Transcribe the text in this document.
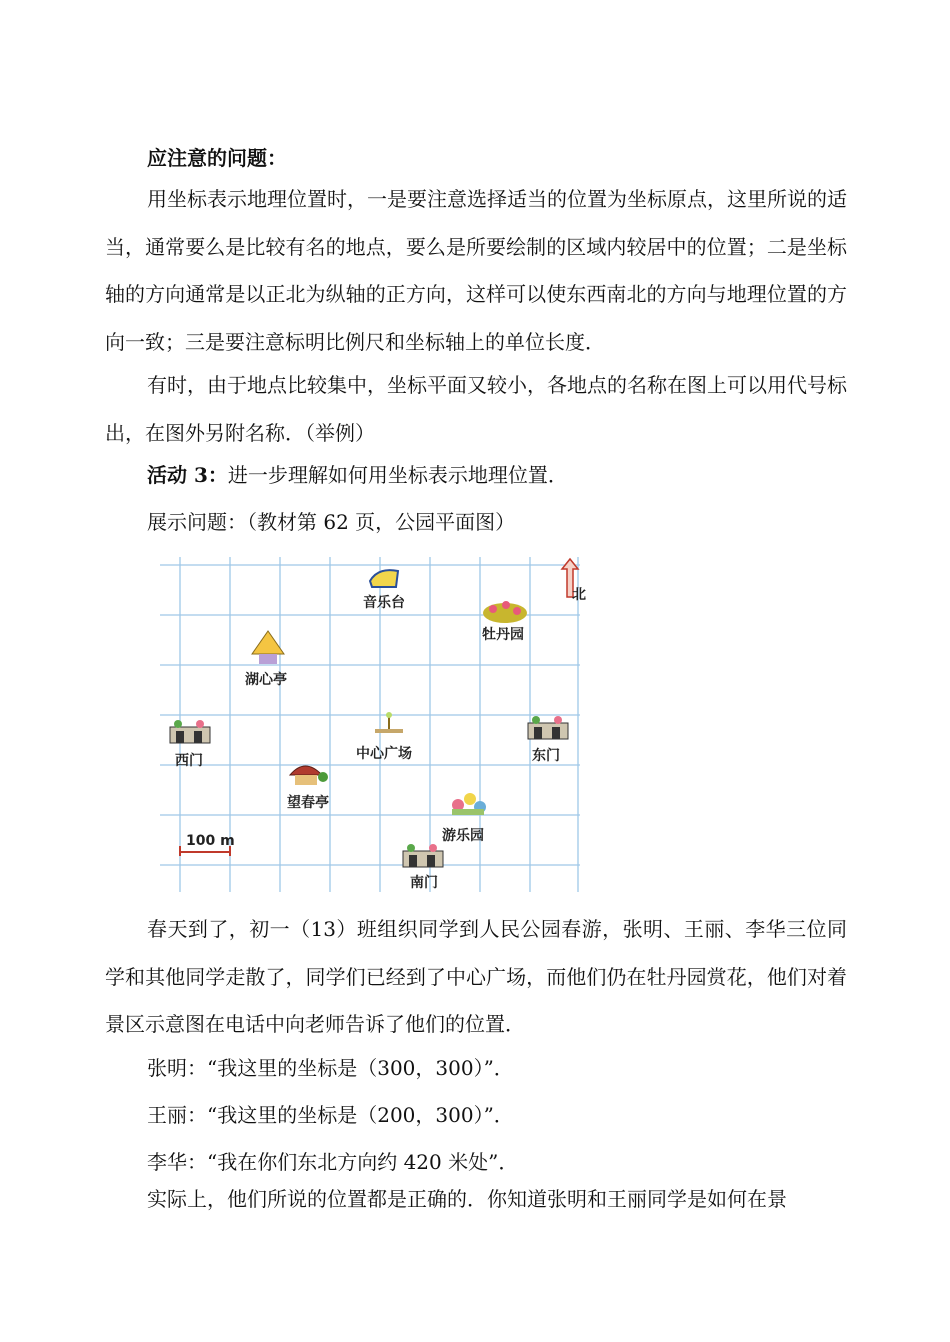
应注意的问题：

用坐标表示地理位置时，一是要注意选择适当的位置为坐标原点，这里所说的适当，通常要么是比较有名的地点，要么是所要绘制的区域内较居中的位置；二是坐标轴的方向通常是以正北为纵轴的正方向，这样可以使东西南北的方向与地理位置的方向一致；三是要注意标明比例尺和坐标轴上的单位长度．

有时，由于地点比较集中，坐标平面又较小，各地点的名称在图上可以用代号标出，在图外另附名称．（举例）

活动 3：进一步理解如何用坐标表示地理位置．
展示问题：（教材第 62 页，公园平面图）
北
音乐台
牡丹园
湖心亭
西门	中心广场	东门
望春亭
游乐园
南门
100 m

春天到了，初一（13）班组织同学到人民公园春游，张明、王丽、李华三位同学和其他同学走散了，同学们已经到了中心广场，而他们仍在牡丹园赏花，他们对着景区示意图在电话中向老师告诉了他们的位置．

张明：“我这里的坐标是（300，300）”．
王丽：“我这里的坐标是（200，300）”．
李华：“我在你们东北方向约 420 米处”．

实际上，他们所说的位置都是正确的．你知道张明和王丽同学是如何在景
